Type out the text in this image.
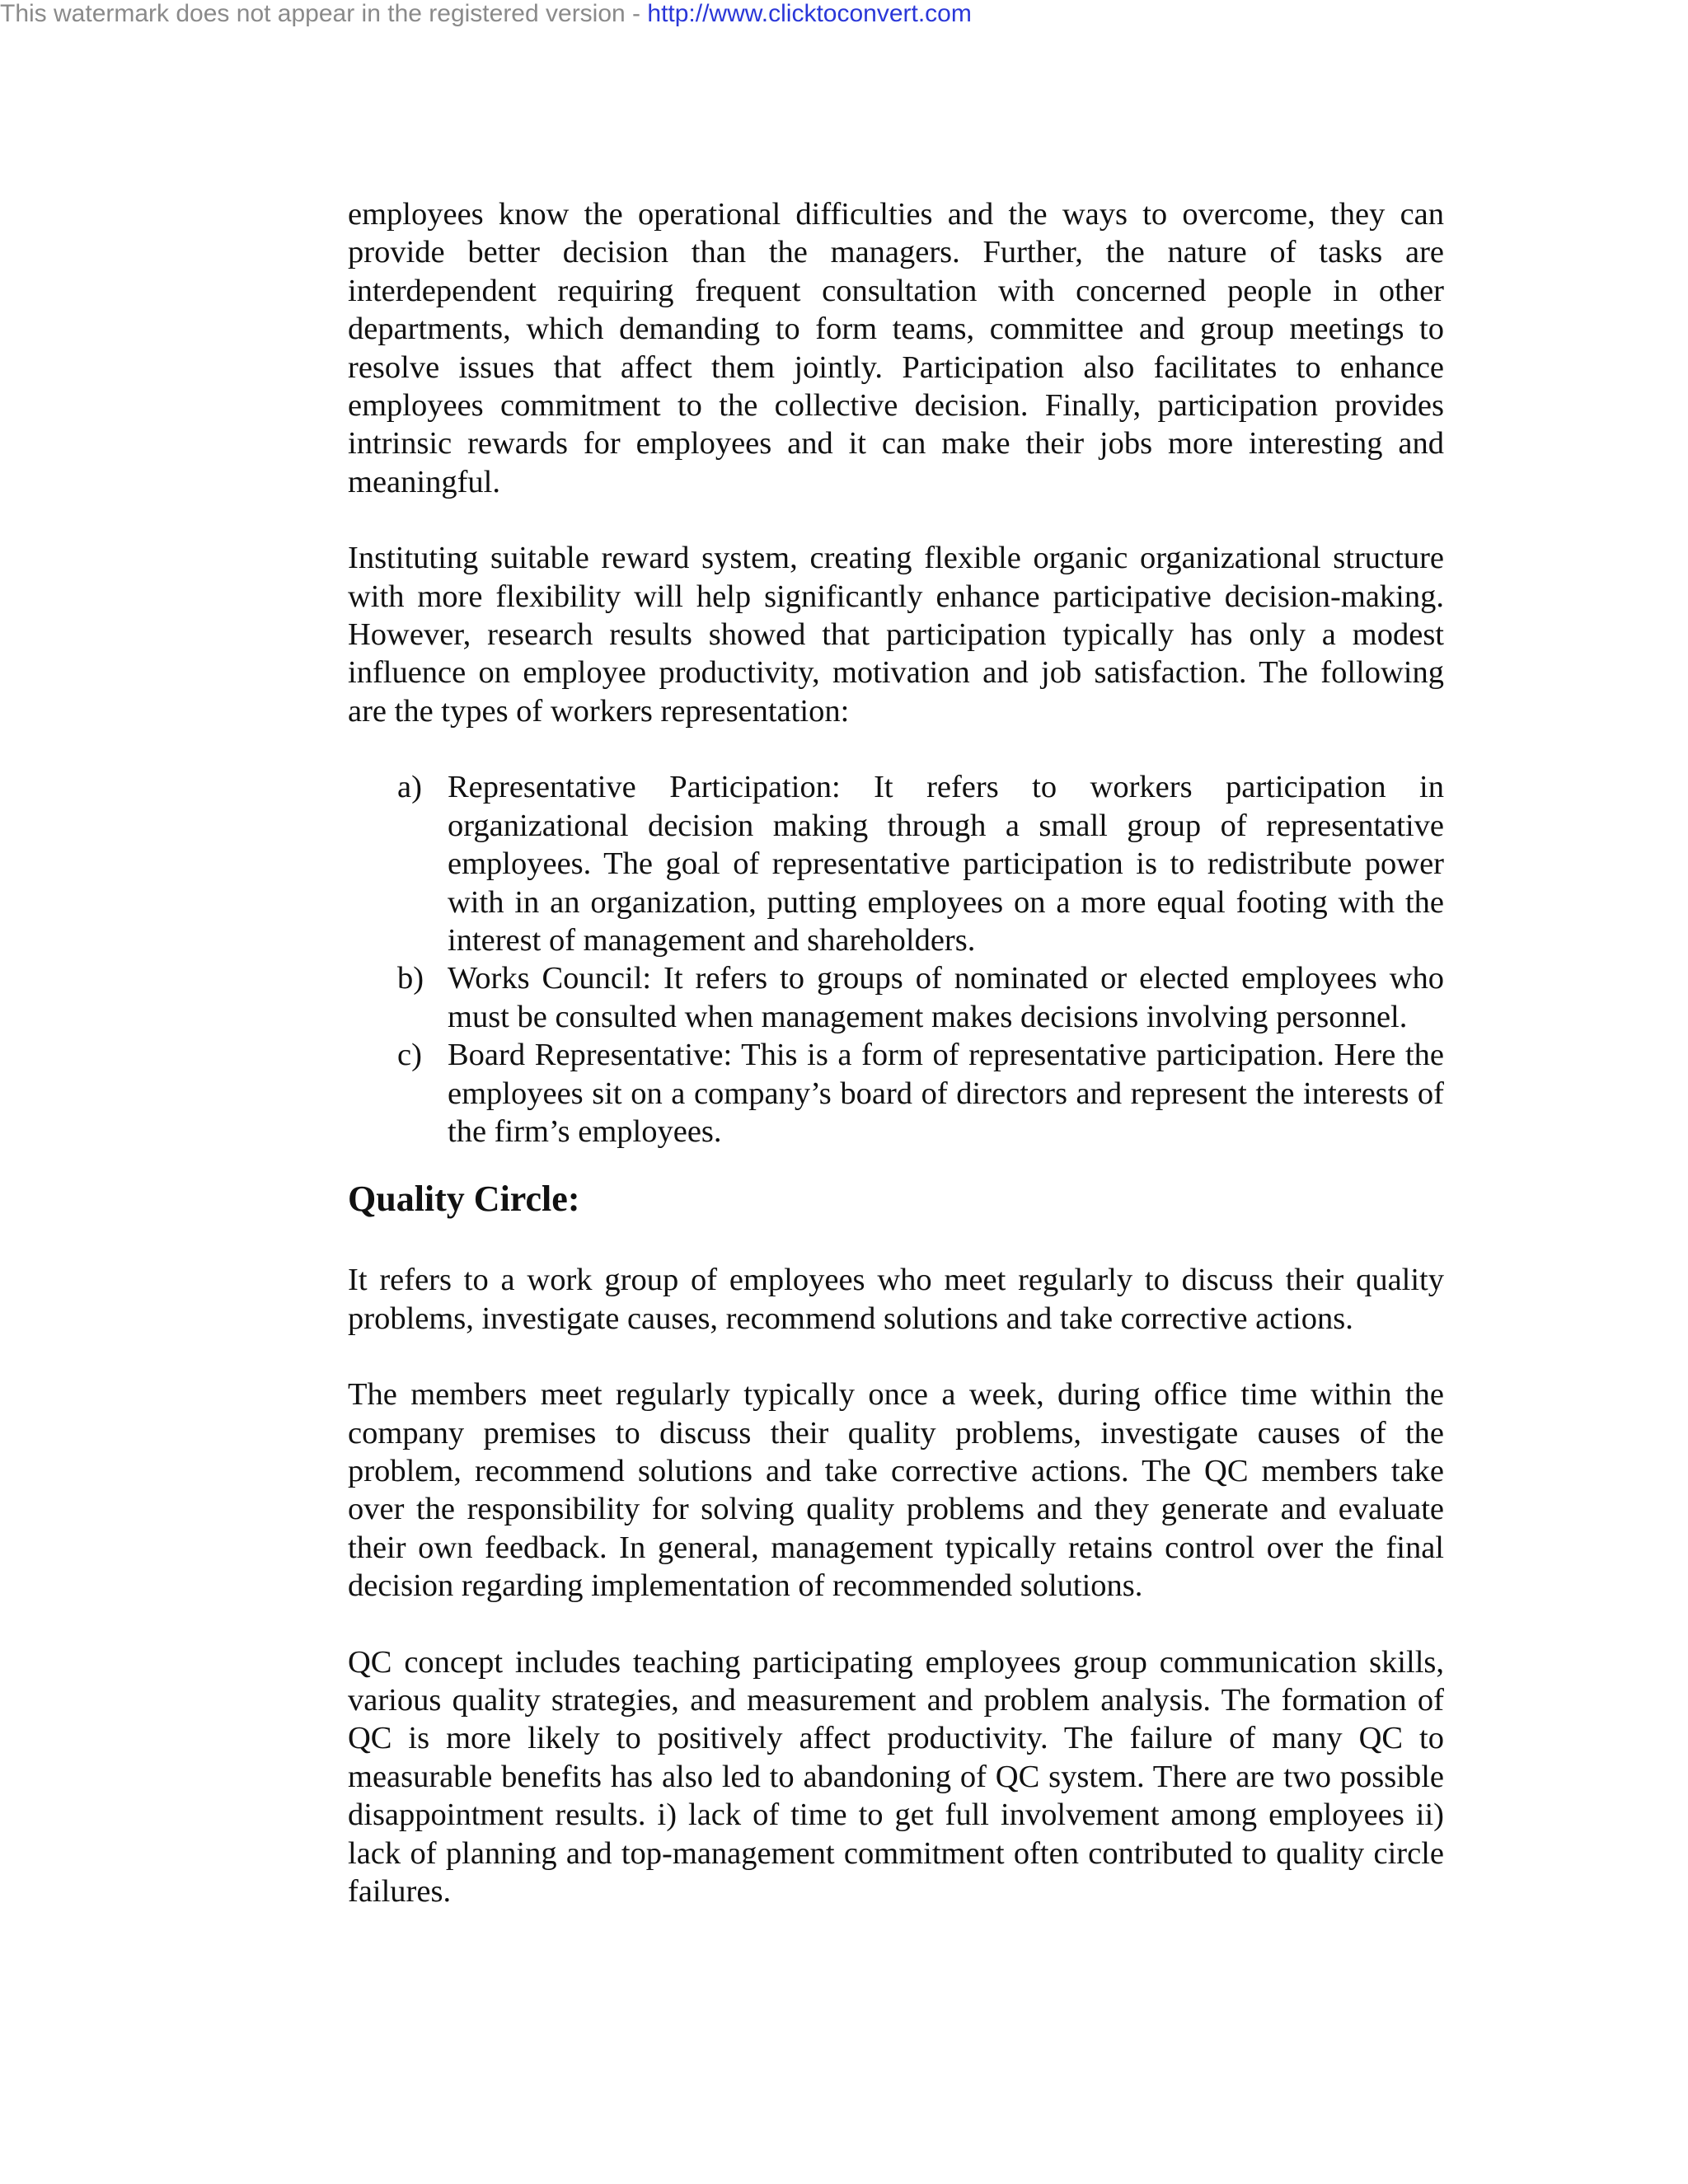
This watermark does not appear in the registered version - http://www.clicktoconvert.com

employees know the operational difficulties and the ways to overcome, they can provide better decision than the managers. Further, the nature of tasks are interdependent requiring frequent consultation with concerned people in other departments, which demanding to form teams, committee and group meetings to resolve issues that affect them jointly. Participation also facilitates to enhance employees commitment to the collective decision. Finally, participation provides intrinsic rewards for employees and it can make their jobs more interesting and meaningful.

Instituting suitable reward system, creating flexible organic organizational structure with more flexibility will help significantly enhance participative decision-making. However, research results showed that participation typically has only a modest influence on employee productivity, motivation and job satisfaction. The following are the types of workers representation:

a) Representative Participation: It refers to workers participation in organizational decision making through a small group of representative employees. The goal of representative participation is to redistribute power with in an organization, putting employees on a more equal footing with the interest of management and shareholders.
b) Works Council: It refers to groups of nominated or elected employees who must be consulted when management makes decisions involving personnel.
c) Board Representative: This is a form of representative participation. Here the employees sit on a company’s board of directors and represent the interests of the firm’s employees.
Quality Circle:

It refers to a work group of employees who meet regularly to discuss their quality problems, investigate causes, recommend solutions and take corrective actions.

The members meet regularly typically once a week, during office time within the company premises to discuss their quality problems, investigate causes of the problem, recommend solutions and take corrective actions. The QC members take over the responsibility for solving quality problems and they generate and evaluate their own feedback. In general, management typically retains control over the final decision regarding implementation of recommended solutions.

QC concept includes teaching participating employees group communication skills, various quality strategies, and measurement and problem analysis. The formation of QC is more likely to positively affect productivity. The failure of many QC to measurable benefits has also led to abandoning of QC system. There are two possible disappointment results. i) lack of time to get full involvement among employees ii) lack of planning and top-management commitment often contributed to quality circle failures.
